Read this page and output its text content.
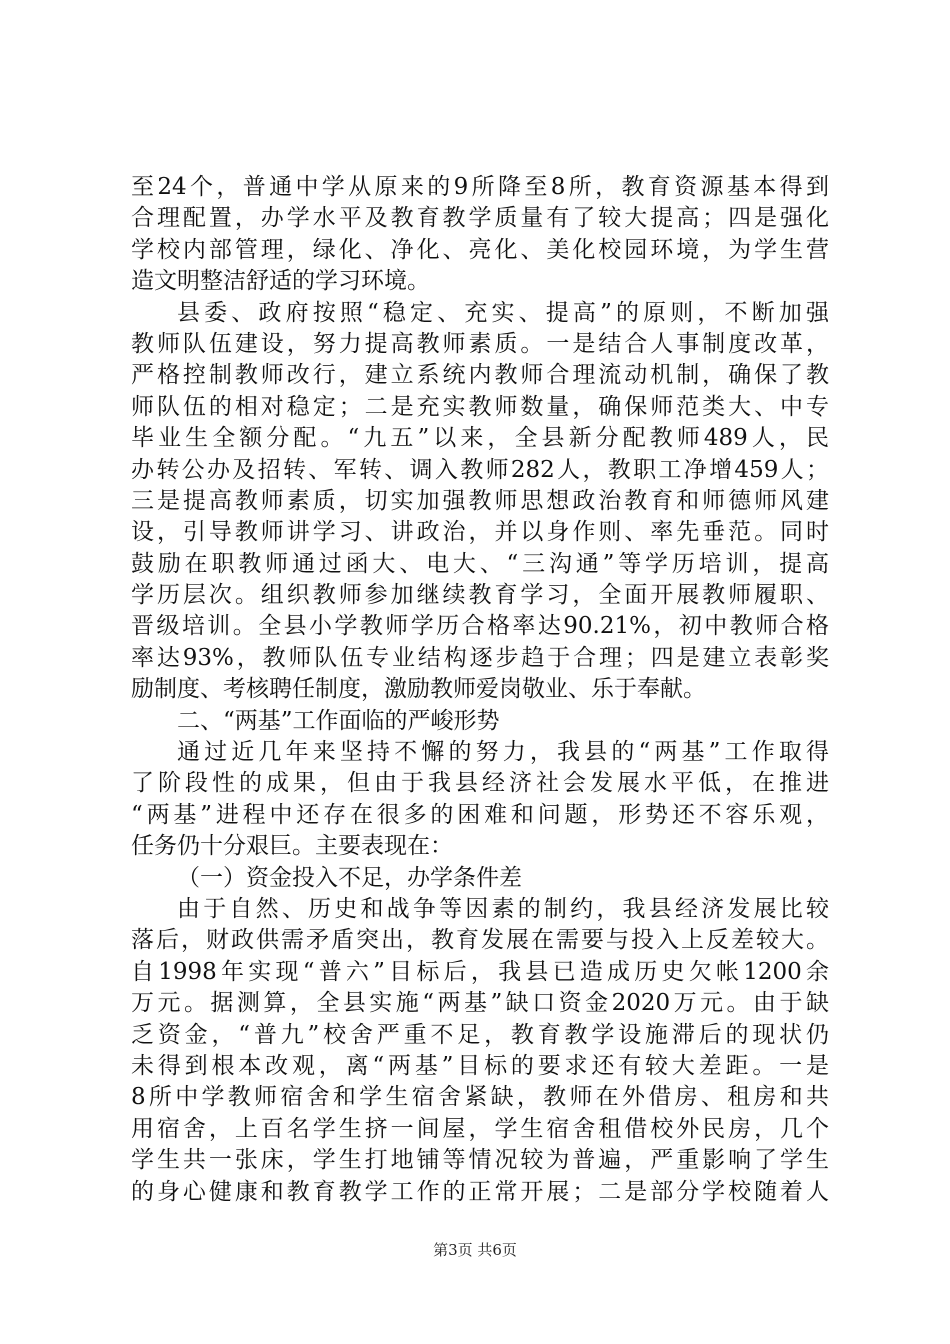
至24个，普通中学从原来的9所降至8所，教育资源基本得到
合理配置，办学水平及教育教学质量有了较大提高；四是强化
学校内部管理，绿化、净化、亮化、美化校园环境，为学生营
造文明整洁舒适的学习环境。
县委、政府按照“稳定、充实、提高”的原则，不断加强
教师队伍建设，努力提高教师素质。一是结合人事制度改革，
严格控制教师改行，建立系统内教师合理流动机制，确保了教
师队伍的相对稳定；二是充实教师数量，确保师范类大、中专
毕业生全额分配。“九五”以来，全县新分配教师489人，民
办转公办及招转、军转、调入教师282人，教职工净增459人；
三是提高教师素质，切实加强教师思想政治教育和师德师风建
设，引导教师讲学习、讲政治，并以身作则、率先垂范。同时
鼓励在职教师通过函大、电大、“三沟通”等学历培训，提高
学历层次。组织教师参加继续教育学习，全面开展教师履职、
晋级培训。全县小学教师学历合格率达90.21%，初中教师合格
率达93%，教师队伍专业结构逐步趋于合理；四是建立表彰奖
励制度、考核聘任制度，激励教师爱岗敬业、乐于奉献。
二、“两基”工作面临的严峻形势
通过近几年来坚持不懈的努力，我县的“两基”工作取得
了阶段性的成果，但由于我县经济社会发展水平低，在推进
“两基”进程中还存在很多的困难和问题，形势还不容乐观，
任务仍十分艰巨。主要表现在：
（一）资金投入不足，办学条件差
由于自然、历史和战争等因素的制约，我县经济发展比较
落后，财政供需矛盾突出，教育发展在需要与投入上反差较大。
自1998年实现“普六”目标后，我县已造成历史欠帐1200余
万元。据测算，全县实施“两基”缺口资金2020万元。由于缺
乏资金，“普九”校舍严重不足，教育教学设施滞后的现状仍
未得到根本改观，离“两基”目标的要求还有较大差距。一是
8所中学教师宿舍和学生宿舍紧缺，教师在外借房、租房和共
用宿舍，上百名学生挤一间屋，学生宿舍租借校外民房，几个
学生共一张床，学生打地铺等情况较为普遍，严重影响了学生
的身心健康和教育教学工作的正常开展；二是部分学校随着人
第3页 共6页
